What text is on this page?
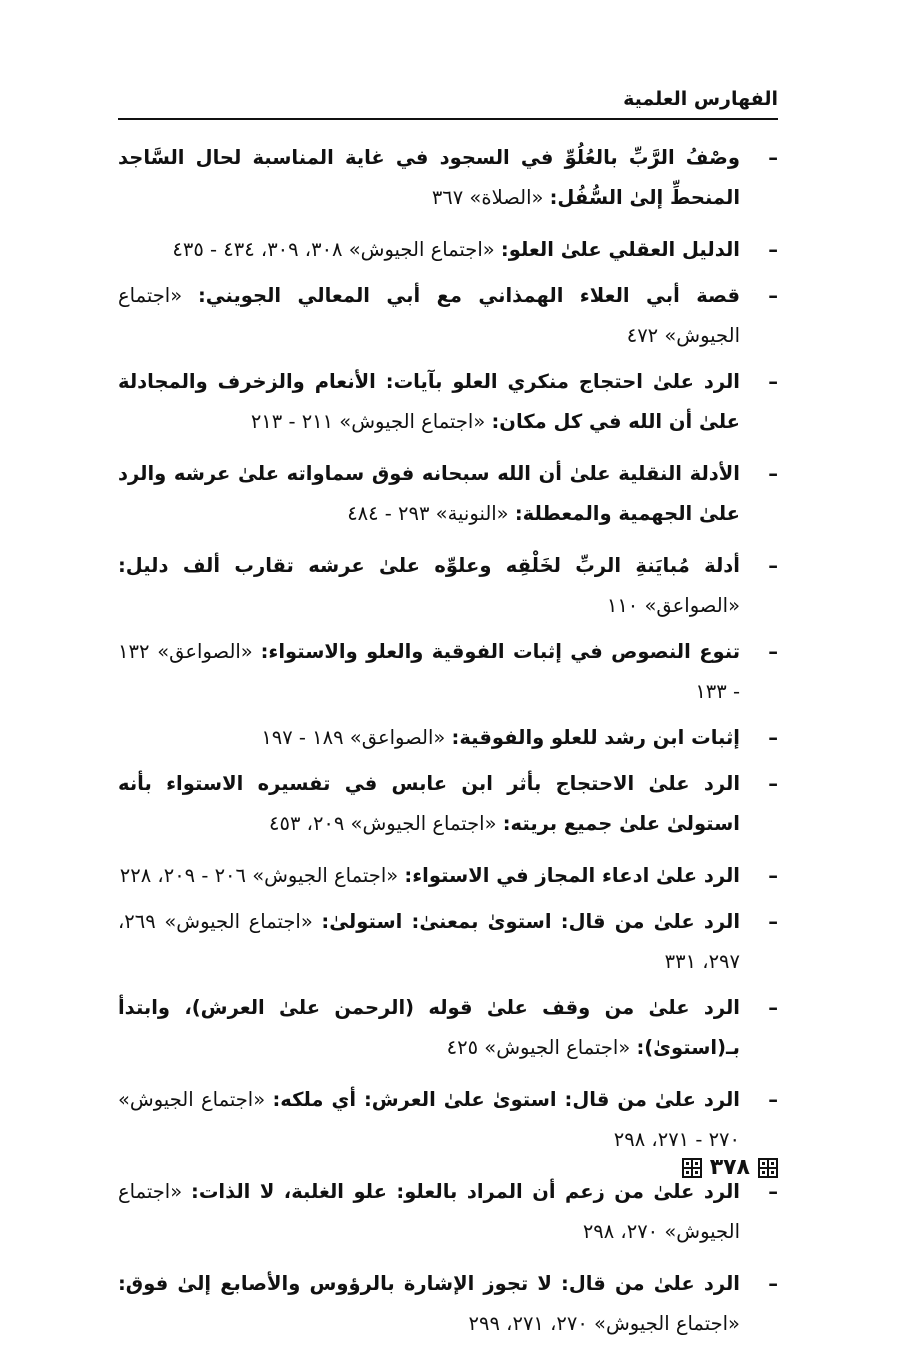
الفهارس العلمية
–
وصْفُ الرَّبِّ بالعُلُوِّ في السجود في غاية المناسبة لحال السَّاجد المنحطِّ إلىٰ السُّفُل: «الصلاة» ٣٦٧
–
الدليل العقلي علىٰ العلو: «اجتماع الجيوش» ٣٠٨، ٣٠٩، ٤٣٤ - ٤٣٥
–
قصة أبي العلاء الهمذاني مع أبي المعالي الجويني: «اجتماع الجيوش» ٤٧٢
–
الرد علىٰ احتجاج منكري العلو بآيات: الأنعام والزخرف والمجادلة علىٰ أن الله في كل مكان: «اجتماع الجيوش» ٢١١ - ٢١٣
–
الأدلة النقلية علىٰ أن الله سبحانه فوق سماواته علىٰ عرشه والرد علىٰ الجهمية والمعطلة: «النونية» ٢٩٣ - ٤٨٤
–
أدلة مُبايَنةِ الربِّ لخَلْقِه وعلوِّه علىٰ عرشه تقارب ألف دليل: «الصواعق» ١١٠
–
تنوع النصوص في إثبات الفوقية والعلو والاستواء: «الصواعق» ١٣٢ - ١٣٣
–
إثبات ابن رشد للعلو والفوقية: «الصواعق» ١٨٩ - ١٩٧
–
الرد علىٰ الاحتجاج بأثر ابن عابس في تفسيره الاستواء بأنه استولىٰ علىٰ جميع بريته: «اجتماع الجيوش» ٢٠٩، ٤٥٣
–
الرد علىٰ ادعاء المجاز في الاستواء: «اجتماع الجيوش» ٢٠٦ - ٢٠٩، ٢٢٨
–
الرد علىٰ من قال: استوىٰ بمعنىٰ: استولىٰ: «اجتماع الجيوش» ٢٦٩، ٢٩٧، ٣٣١
–
الرد علىٰ من وقف علىٰ قوله (الرحمن علىٰ العرش)، وابتدأ بـ(استوىٰ): «اجتماع الجيوش» ٤٢٥
–
الرد علىٰ من قال: استوىٰ علىٰ العرش: أي ملكه: «اجتماع الجيوش» ٢٧٠ - ٢٧١، ٢٩٨
–
الرد علىٰ من زعم أن المراد بالعلو: علو الغلبة، لا الذات: «اجتماع الجيوش» ٢٧٠، ٢٩٨
–
الرد علىٰ من قال: لا تجوز الإشارة بالرؤوس والأصابع إلىٰ فوق: «اجتماع الجيوش» ٢٧٠، ٢٧١، ٢٩٩
٣٧٨
